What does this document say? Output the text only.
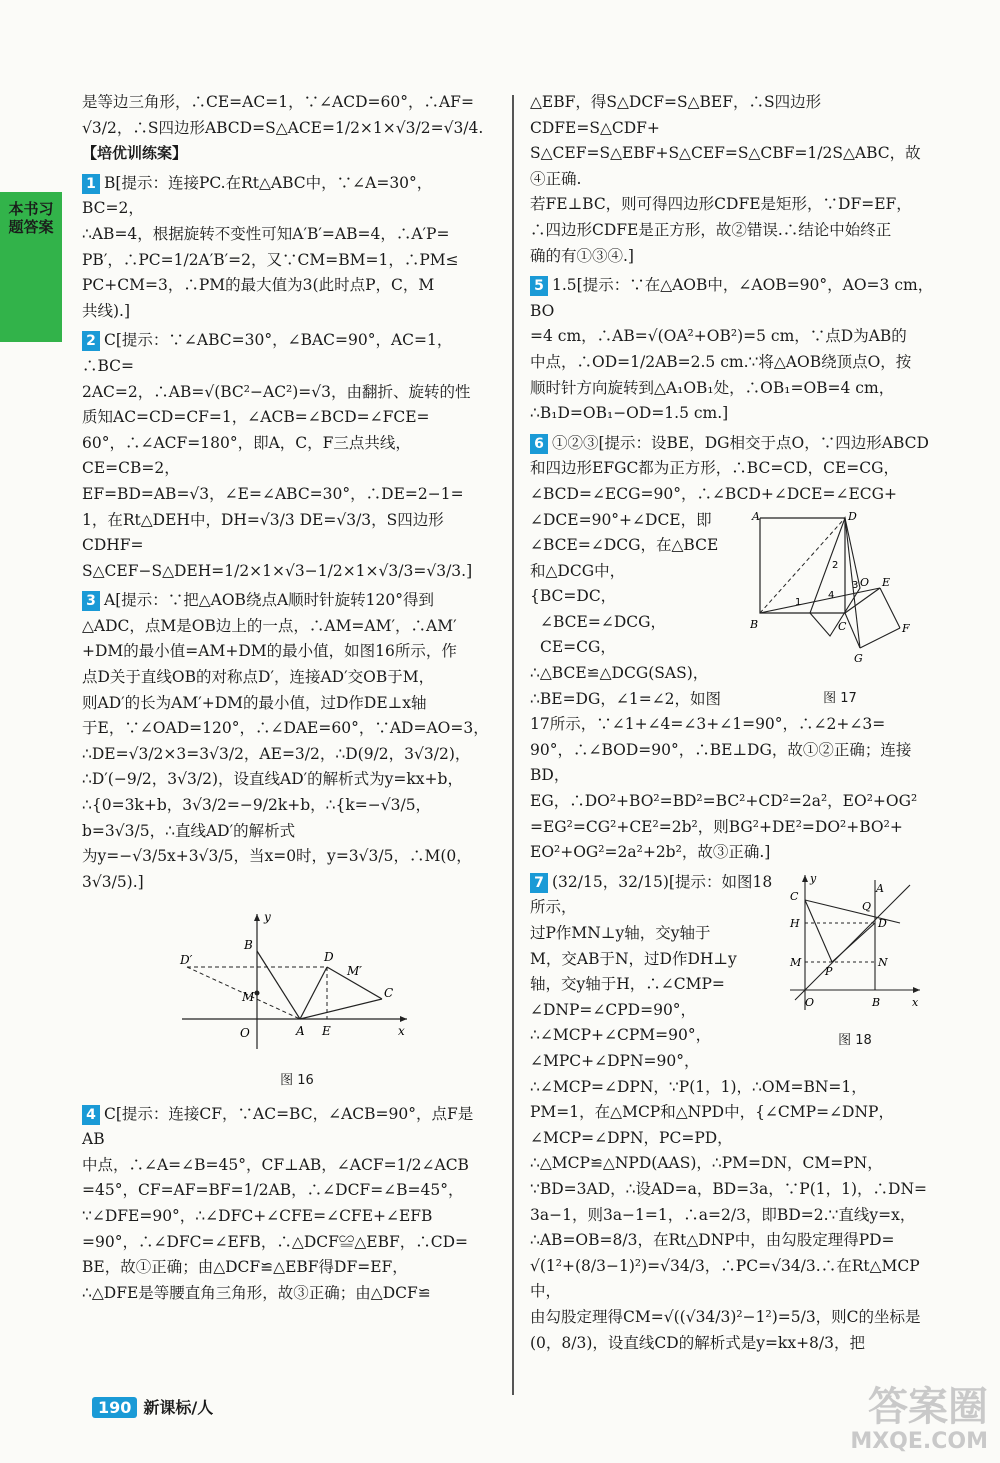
本书习题答案

是等边三角形，∴CE=AC=1，∵∠ACD=60°，∴AF=

√3/2，∴S四边形ABCD=S△ACE=1/2×1×√3/2=√3/4.

【培优训练案】

1 B[提示：连接PC.在Rt△ABC中，∵∠A=30°，BC=2，

∴AB=4，根据旋转不变性可知A′B′=AB=4，∴A′P=

PB′，∴PC=1/2A′B′=2，又∵CM=BM=1，∴PM≤

PC+CM=3，∴PM的最大值为3(此时点P，C，M

共线).]

2 C[提示：∵∠ABC=30°，∠BAC=90°，AC=1，∴BC=

2AC=2，∴AB=√(BC²−AC²)=√3，由翻折、旋转的性

质知AC=CD=CF=1，∠ACB=∠BCD=∠FCE=

60°，∴∠ACF=180°，即A，C，F三点共线，CE=CB=2，

EF=BD=AB=√3，∠E=∠ABC=30°，∴DE=2−1=

1，在Rt△DEH中，DH=√3/3 DE=√3/3，S四边形CDHF=

S△CEF−S△DEH=1/2×1×√3−1/2×1×√3/3=√3/3.]

3 A[提示：∵把△AOB绕点A顺时针旋转120°得到

△ADC，点M是OB边上的一点，∴AM=AM′，∴AM′

+DM的最小值=AM+DM的最小值，如图16所示，作

点D关于直线OB的对称点D′，连接AD′交OB于M，

则AD′的长为AM′+DM的最小值，过D作DE⊥x轴

于E，∵∠OAD=120°，∴∠DAE=60°，∵AD=AO=3，

∴DE=√3/2×3=3√3/2，AE=3/2，∴D(9/2，3√3/2)，

∴D′(−9/2，3√3/2)，设直线AD′的解析式为y=kx+b，

∴{0=3k+b，3√3/2=−9/2k+b，∴{k=−√3/5，b=3√3/5，∴直线AD′的解析式

为y=−√3/5x+3√3/5，当x=0时，y=3√3/5，∴M(0，3√3/5).]

B
D′
M
O	A E
D
M′
C
x
y
图 16
4 C[提示：连接CF，∵AC=BC，∠ACB=90°，点F是AB

中点，∴∠A=∠B=45°，CF⊥AB，∠ACF=1/2∠ACB

=45°，CF=AF=BF=1/2AB，∴∠DCF=∠B=45°，

∵∠DFE=90°，∴∠DFC+∠CFE=∠CFE+∠EFB

=90°，∴∠DFC=∠EFB，∴△DCF≌△EBF，∴CD=

BE，故①正确；由△DCF≌△EBF得DF=EF，

∴△DFE是等腰直角三角形，故③正确；由△DCF≌

△EBF，得S△DCF=S△BEF，∴S四边形CDFE=S△CDF+

S△CEF=S△EBF+S△CEF=S△CBF=1/2S△ABC，故④正确.

若FE⊥BC，则可得四边形CDFE是矩形，∵DF=EF，

∴四边形CDFE是正方形，故②错误.∴结论中始终正

确的有①③④.]

5 1.5[提示：∵在△AOB中，∠AOB=90°，AO=3 cm，BO

=4 cm，∴AB=√(OA²+OB²)=5 cm，∵点D为AB的

中点，∴OD=1/2AB=2.5 cm.∵将△AOB绕顶点O，按

顺时针方向旋转到△A₁OB₁处，∴OB₁=OB=4 cm，

∴B₁D=OB₁−OD=1.5 cm.]

6 ①②③[提示：设BE，DG相交于点O，∵四边形ABCD

和四边形EFGC都为正方形，∴BC=CD，CE=CG，

∠BCD=∠ECG=90°，∴∠BCD+∠DCE=∠ECG+

∠DCE=90°+∠DCE，即

∠BCE=∠DCG，在△BCE

和△DCG中，

{BC=DC，

∠BCE=∠DCG，

CE=CG，

∴△BCE≌△DCG(SAS)，

∴BE=DG，∠1=∠2，如图

A	D
B	C
E
F
G
O
2
1
4
3
图 17

17所示，∵∠1+∠4=∠3+∠1=90°，∴∠2+∠3=

90°，∴∠BOD=90°，∴BE⊥DG，故①②正确；连接BD，

EG，∴DO²+BO²=BD²=BC²+CD²=2a²，EO²+OG²

=EG²=CG²+CE²=2b²，则BG²+DE²=DO²+BO²+

EO²+OG²=2a²+2b²，故③正确.]

7 (32/15，32/15)[提示：如图18所示，

过P作MN⊥y轴，交y轴于

M，交AB于N，过D作DH⊥y

轴，交y轴于H，∴∠CMP=

∠DNP=∠CPD=90°，

∴∠MCP+∠CPM=90°，

∠MPC+∠DPN=90°，

C
H
M
P
N
D
Q
A
O	B	x
y
图 18

∴∠MCP=∠DPN，∵P(1，1)，∴OM=BN=1，

PM=1，在△MCP和△NPD中，{∠CMP=∠DNP，∠MCP=∠DPN，PC=PD，

∴△MCP≌△NPD(AAS)，∴PM=DN，CM=PN，

∵BD=3AD，∴设AD=a，BD=3a，∵P(1，1)，∴DN=

3a−1，则3a−1=1，∴a=2/3，即BD=2.∵直线y=x，

∴AB=OB=8/3，在Rt△DNP中，由勾股定理得PD=

√(1²+(8/3−1)²)=√34/3，∴PC=√34/3.∴在Rt△MCP中，

由勾股定理得CM=√((√34/3)²−1²)=5/3，则C的坐标是

(0，8/3)，设直线CD的解析式是y=kx+8/3，把

190 新课标/人	答案圈
MXQE.COM
